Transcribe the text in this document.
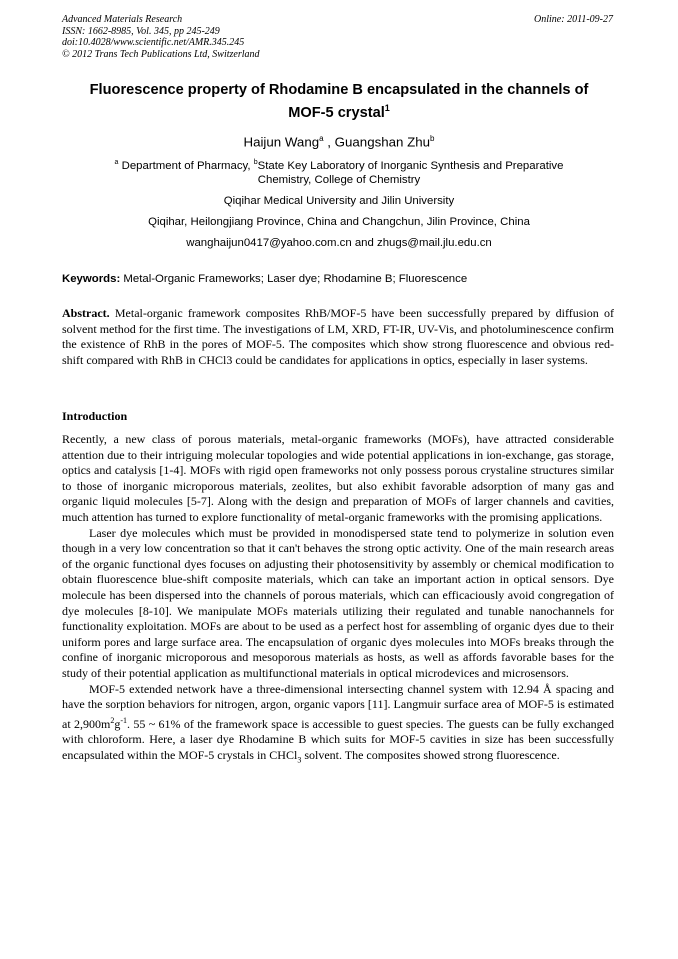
Advanced Materials Research
ISSN: 1662-8985, Vol. 345, pp 245-249
doi:10.4028/www.scientific.net/AMR.345.245
© 2012 Trans Tech Publications Ltd, Switzerland
Online: 2011-09-27
Fluorescence property of Rhodamine B encapsulated in the channels of
MOF-5 crystal$^1$
Haijun Wang$^a$ , Guangshan Zhu$^b$
$^a$ Department of Pharmacy, $^b$State Key Laboratory of Inorganic Synthesis and Preparative
Chemistry, College of Chemistry
Qiqihar Medical University and Jilin University
Qiqihar, Heilongjiang Province, China and Changchun, Jilin Province, China
wanghaijun0417@yahoo.com.cn and zhugs@mail.jlu.edu.cn
Keywords: Metal-Organic Frameworks; Laser dye; Rhodamine B; Fluorescence

Abstract. Metal-organic framework composites RhB/MOF-5 have been successfully prepared by diffusion of solvent method for the first time. The investigations of LM, XRD, FT-IR, UV-Vis, and photoluminescence confirm the existence of RhB in the pores of MOF-5. The composites which show strong fluorescence and obvious red-shift compared with RhB in CHCl3 could be candidates for applications in optics, especially in laser systems.

Introduction

Recently, a new class of porous materials, metal-organic frameworks (MOFs), have attracted considerable attention due to their intriguing molecular topologies and wide potential applications in ion-exchange, gas storage, optics and catalysis [1-4]. MOFs with rigid open frameworks not only possess porous crystaline structures similar to those of inorganic microporous materials, zeolites, but also exhibit favorable adsorption of many gas and organic liquid molecules [5-7]. Along with the design and preparation of MOFs of larger channels and cavities, much attention has turned to explore functionality of metal-organic frameworks with the promising applications.

Laser dye molecules which must be provided in monodispersed state tend to polymerize in solution even though in a very low concentration so that it can't behaves the strong optic activity. One of the main research areas of the organic functional dyes focuses on adjusting their photosensitivity by assembly or chemical modification to obtain fluorescence blue-shift composite materials, which can take an important action in optical sensors. Dye molecule has been dispersed into the channels of porous materials, which can efficaciously avoid congregation of dye molecules [8-10]. We manipulate MOFs materials utilizing their regulated and tunable nanochannels for functionality exploitation. MOFs are about to be used as a perfect host for assembling of organic dyes due to their uniform pores and large surface area. The encapsulation of organic dyes molecules into MOFs breaks through the confine of inorganic microporous and mesoporous materials as hosts, as well as affords favorable bases for the study of their potential application as multifunctional materials in optical microdevices and microsensors.

MOF-5 extended network have a three-dimensional intersecting channel system with 12.94 Å spacing and have the sorption behaviors for nitrogen, argon, organic vapors [11]. Langmuir surface area of MOF-5 is estimated at $2,900m^2g^{-1}$. 55 ~ 61% of the framework space is accessible to guest species. The guests can be fully exchanged with chloroform. Here, a laser dye Rhodamine B which suits for MOF-5 cavities in size has been successfully encapsulated within the MOF-5 crystals in CHCl$_3$ solvent. The composites showed strong fluorescence.
